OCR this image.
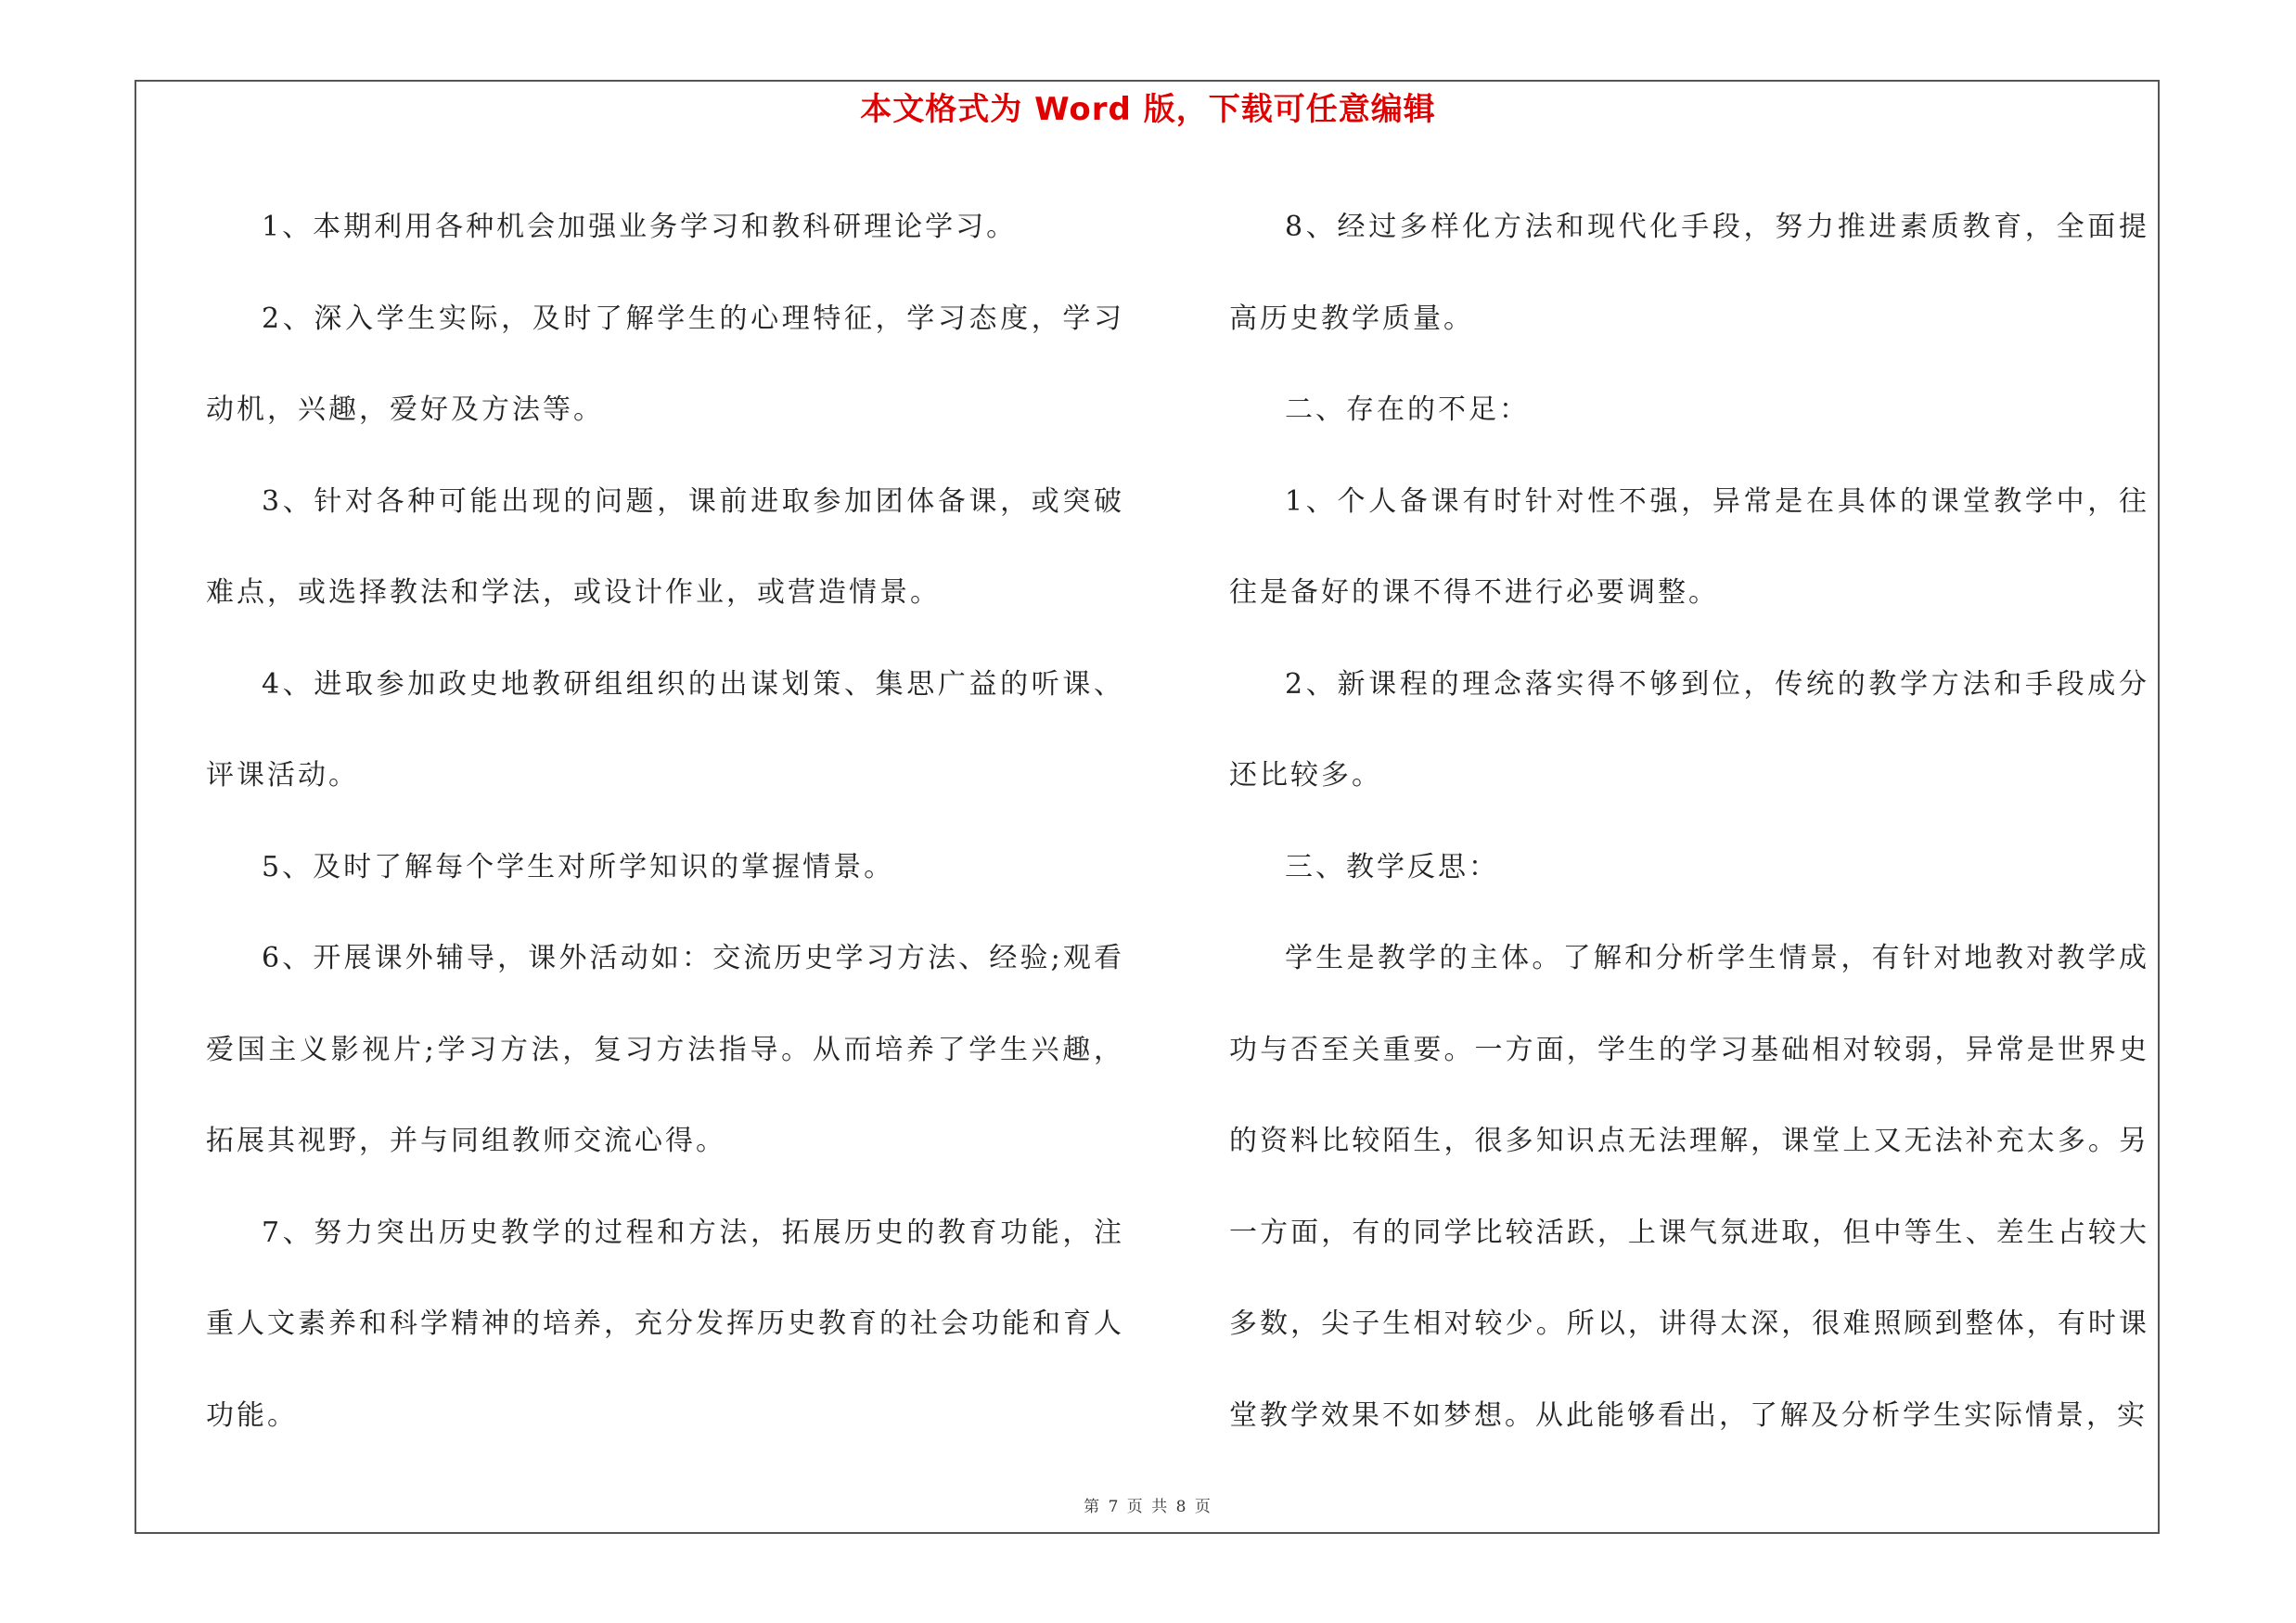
本文格式为 Word 版，下载可任意编辑

1、本期利用各种机会加强业务学习和教科研理论学习。

2、深入学生实际，及时了解学生的心理特征，学习态度，学习动机，兴趣，爱好及方法等。

3、针对各种可能出现的问题，课前进取参加团体备课，或突破难点，或选择教法和学法，或设计作业，或营造情景。

4、进取参加政史地教研组组织的出谋划策、集思广益的听课、评课活动。

5、及时了解每个学生对所学知识的掌握情景。

6、开展课外辅导，课外活动如：交流历史学习方法、经验;观看爱国主义影视片;学习方法，复习方法指导。从而培养了学生兴趣，拓展其视野，并与同组教师交流心得。

7、努力突出历史教学的过程和方法，拓展历史的教育功能，注重人文素养和科学精神的培养，充分发挥历史教育的社会功能和育人功能。

8、经过多样化方法和现代化手段，努力推进素质教育，全面提高历史教学质量。

二、存在的不足：

1、个人备课有时针对性不强，异常是在具体的课堂教学中，往往是备好的课不得不进行必要调整。

2、新课程的理念落实得不够到位，传统的教学方法和手段成分还比较多。

三、教学反思：

学生是教学的主体。了解和分析学生情景，有针对地教对教学成功与否至关重要。一方面，学生的学习基础相对较弱，异常是世界史的资料比较陌生，很多知识点无法理解，课堂上又无法补充太多。另一方面，有的同学比较活跃，上课气氛进取，但中等生、差生占较大多数，尖子生相对较少。所以，讲得太深，很难照顾到整体，有时课堂教学效果不如梦想。从此能够看出，了解及分析学生实际情景，实

第 7 页 共 8 页
